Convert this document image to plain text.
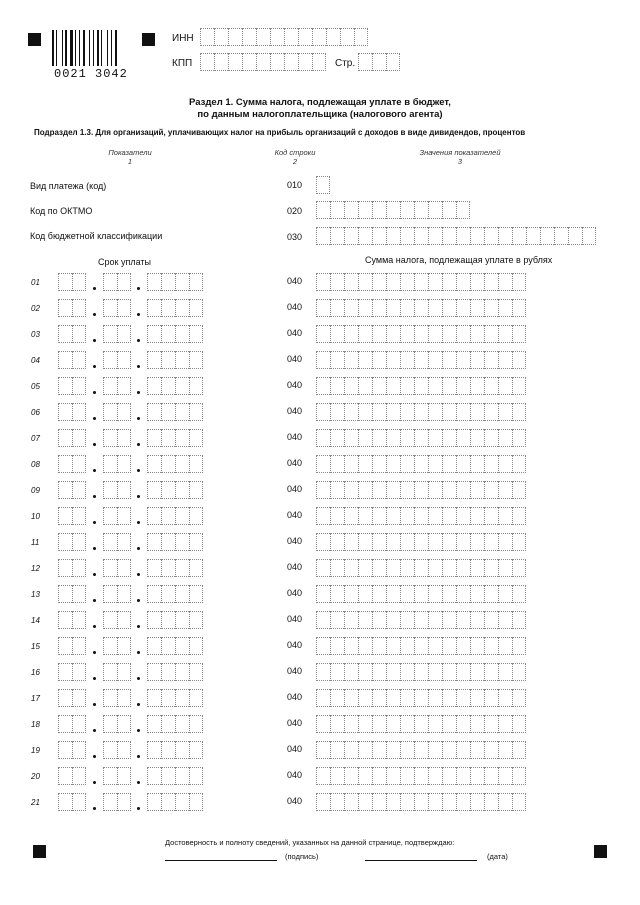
0021 3042
ИНН
КПП	Стр.
Раздел 1. Сумма налога, подлежащая уплате в бюджет,
по данным налогоплательщика (налогового агента)
Подраздел 1.3. Для организаций, уплачивающих налог на прибыль организаций с доходов в виде дивидендов, процентов
Показатели
1
Код строки
2
Значения показателей
3
Вид платежа (код)	010
Код по ОКТМО	020
Код бюджетной классификации	030
Срок уплаты	Сумма налога, подлежащая уплате в рублях
01	040
02	040
03	040
04	040
05	040
06	040
07	040
08	040
09	040
10	040
11	040
12	040
13	040
14	040
15	040
16	040
17	040
18	040
19	040
20	040
21	040
Достоверность и полноту сведений, указанных на данной странице, подтверждаю:
(подпись)	(дата)
